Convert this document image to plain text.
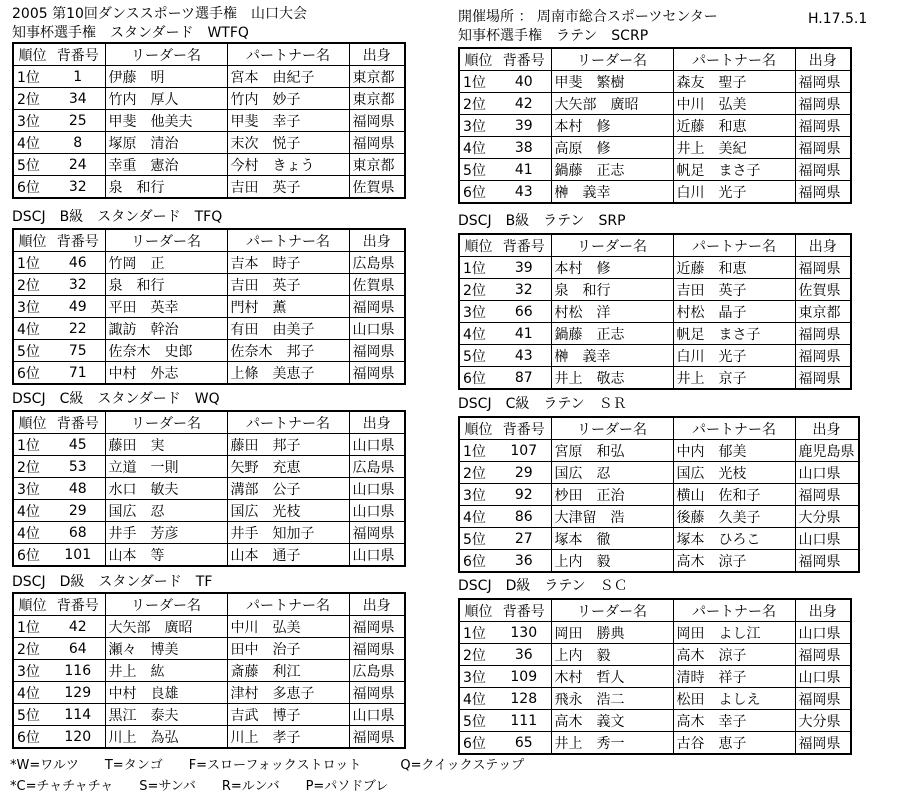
2005 第10回ダンススポーツ選手権　山口大会	開催場所 ： 周南市総合スポーツセンター	H.17.5.1
知事杯選手権　スタンダード　WTFQ
順位	背番号	リーダー名	パートナー名	出身
1位	1	伊藤　明	宮本　由紀子	東京都
2位	34	竹内　厚人	竹内　妙子	東京都
3位	25	甲斐　他美夫	甲斐　幸子	福岡県
4位	8	塚原　清治	末次　悦子	福岡県
5位	24	幸重　憲治	今村　きょう	東京都
6位	32	泉　和行	吉田　英子	佐賀県
知事杯選手権　ラテン　SCRP
順位	背番号	リーダー名	パートナー名	出身
1位	40	甲斐　繁樹	森友　聖子	福岡県
2位	42	大矢部　廣昭	中川　弘美	福岡県
3位	39	本村　修	近藤　和恵	福岡県
4位	38	高原　修	井上　美紀	福岡県
5位	41	鍋藤　正志	帆足　まさ子	福岡県
6位	43	榊　義幸	白川　光子	福岡県
DSCJ　B級　スタンダード　TFQ
順位	背番号	リーダー名	パートナー名	出身
1位	46	竹岡　正	吉本　時子	広島県
2位	32	泉　和行	吉田　英子	佐賀県
3位	49	平田　英幸	門村　薫	福岡県
4位	22	諏訪　幹治	有田　由美子	山口県
5位	75	佐奈木　史郎	佐奈木　邦子	福岡県
6位	71	中村　外志	上條　美恵子	福岡県
DSCJ　B級　ラテン　SRP
順位	背番号	リーダー名	パートナー名	出身
1位	39	本村　修	近藤　和恵	福岡県
2位	32	泉　和行	吉田　英子	佐賀県
3位	66	村松　洋	村松　晶子	東京都
4位	41	鍋藤　正志	帆足　まさ子	福岡県
5位	43	榊　義幸	白川　光子	福岡県
6位	87	井上　敬志	井上　京子	福岡県
DSCJ　C級　スタンダード　WQ
順位	背番号	リーダー名	パートナー名	出身
1位	45	藤田　実	藤田　邦子	山口県
2位	53	立道　一則	矢野　充恵	広島県
3位	48	水口　敏夫	溝部　公子	山口県
4位	29	国広　忍	国広　光枝	山口県
4位	68	井手　芳彦	井手　知加子	福岡県
6位	101	山本　等	山本　通子	山口県
DSCJ　C級　ラテン　ＳＲ
順位	背番号	リーダー名	パートナー名	出身
1位	107	宮原　和弘	中内　郁美	鹿児島県
2位	29	国広　忍	国広　光枝	山口県
3位	92	杪田　正治	横山　佐和子	福岡県
4位	86	大津留　浩	後藤　久美子	大分県
5位	27	塚本　徹	塚本　ひろこ	山口県
6位	36	上内　毅	高木　涼子	福岡県
DSCJ　D級　スタンダード　TF
順位	背番号	リーダー名	パートナー名	出身
1位	42	大矢部　廣昭	中川　弘美	福岡県
2位	64	瀬々　博美	田中　治子	福岡県
3位	116	井上　紘	斎藤　利江	広島県
4位	129	中村　良雄	津村　多恵子	福岡県
5位	114	黒江　泰夫	吉武　博子	山口県
6位	120	川上　為弘	川上　孝子	福岡県
DSCJ　D級　ラテン　ＳＣ
順位	背番号	リーダー名	パートナー名	出身
1位	130	岡田　勝典	岡田　よし江	山口県
2位	36	上内　毅	高木　涼子	福岡県
3位	109	木村　哲人	清時　祥子	山口県
4位	128	飛永　浩二	松田　よしえ	福岡県
5位	111	高木　義文	高木　幸子	大分県
6位	65	井上　秀一	古谷　恵子	福岡県
*W=ワルツ　　T=タンゴ　　F=スローフォックストロット　　　Q=クイックステップ
*C=チャチャチャ　　S=サンバ　　R=ルンバ　　P=パソドブレ
